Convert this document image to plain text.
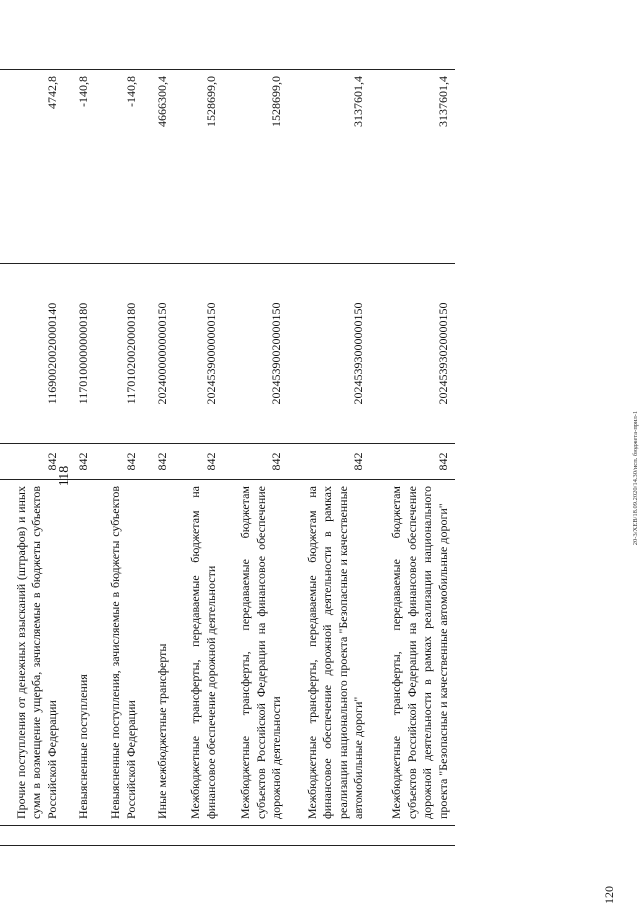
118	20-3/ХЕВ/18.09.2020/14.30/исп. бюджета-прил-1
120

	Прочие поступления от денежных взысканий (штрафов) и иных сумм в возмещение ущерба, зачисляемые в бюджеты субъектов Российской Федерации	842	11690020020000140	4742,8
	Невыясненные поступления	842	11701000000000180	-140,8
	Невыясненные поступления, зачисляемые в бюджеты субъектов Российской Федерации	842	11701020020000180	-140,8
	Иные межбюджетные трансферты	842	20240000000000150	4666300,4
	Межбюджетные трансферты, передаваемые бюджетам на финансовое обеспечение дорожной деятельности	842	20245390000000150	1528699,0
	Межбюджетные трансферты, передаваемые бюджетам субъектов Российской Федерации на финансовое обеспечение дорожной деятельности	842	20245390020000150	1528699,0
	Межбюджетные трансферты, передаваемые бюджетам на финансовое обеспечение дорожной деятельности в рамках реализации национального проекта "Безопасные и качественные автомобильные дороги"	842	20245393000000150	3137601,4
	Межбюджетные трансферты, передаваемые бюджетам субъектов Российской Федерации на финансовое обеспечение дорожной деятельности в рамках реализации национального проекта "Безопасные и качественные автомобильные дороги"	842	20245393020000150	3137601,4
